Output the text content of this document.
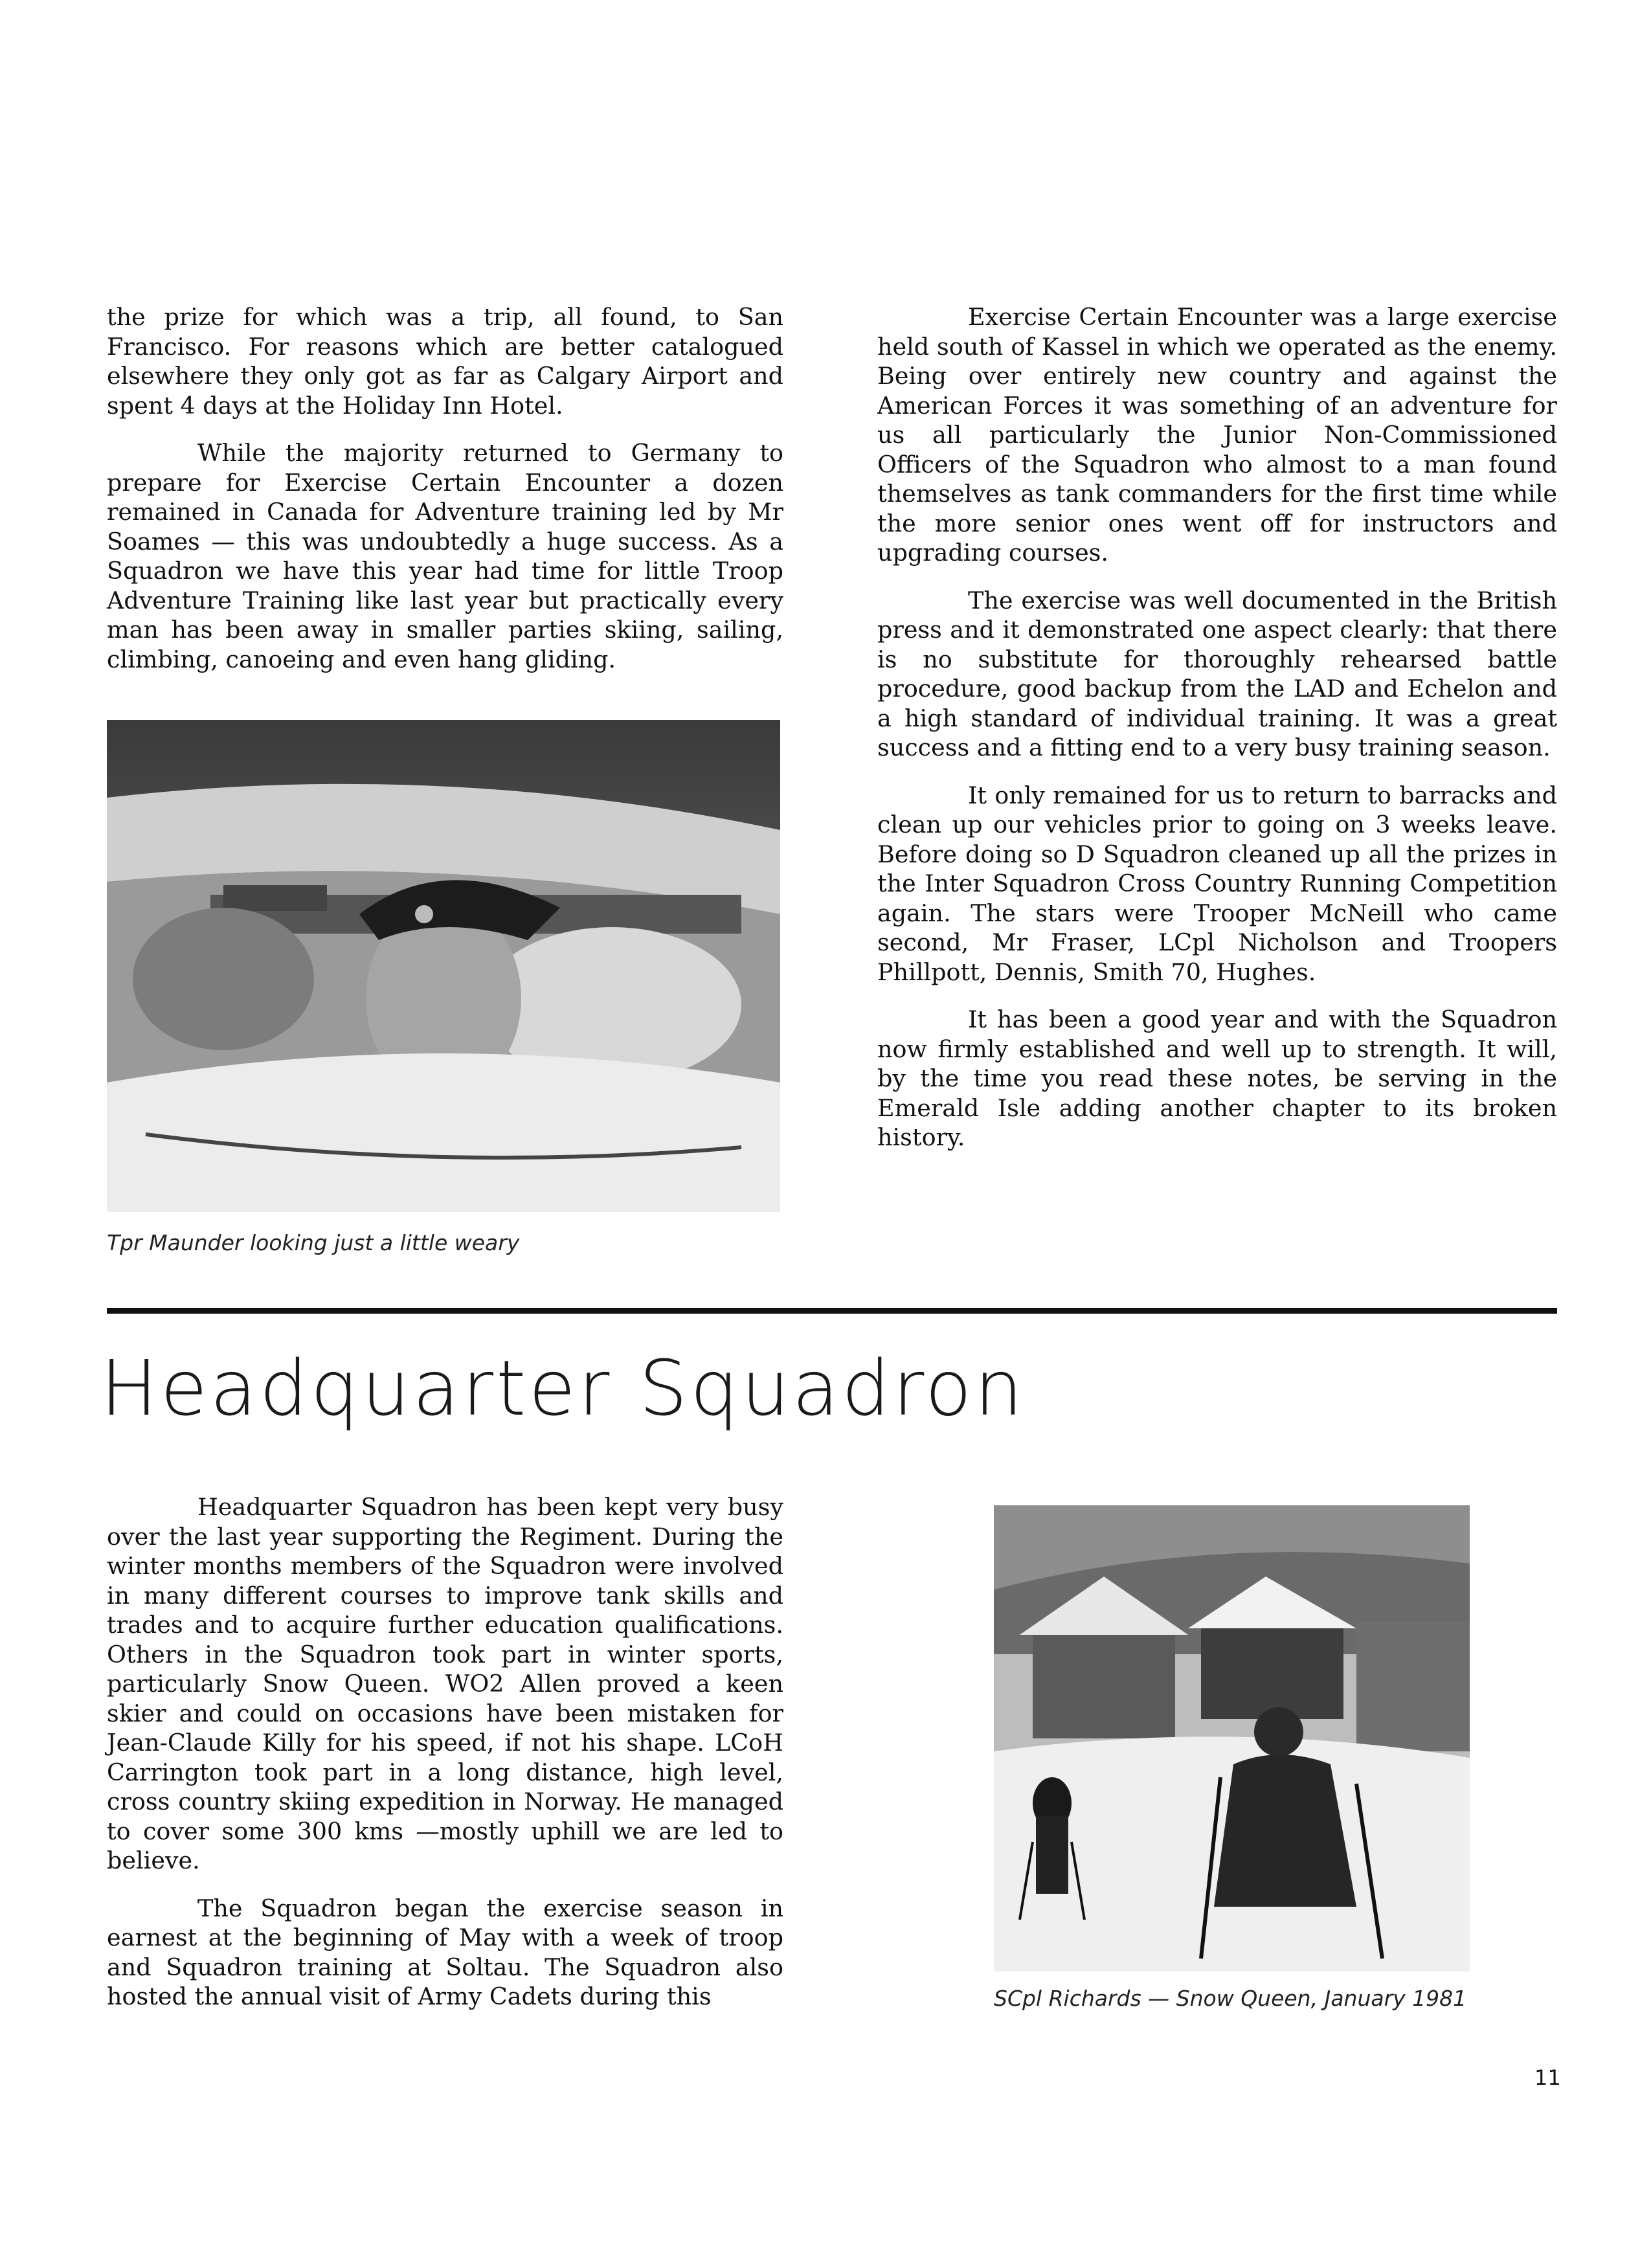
the prize for which was a trip, all found, to San Francisco. For reasons which are better catalogued elsewhere they only got as far as Calgary Airport and spent 4 days at the Holiday Inn Hotel.

While the majority returned to Germany to prepare for Exercise Certain Encounter a dozen remained in Canada for Adventure training led by Mr Soames — this was undoubtedly a huge success. As a Squadron we have this year had time for little Troop Adventure Training like last year but practically every man has been away in smaller parties skiing, sailing, climbing, canoeing and even hang gliding.

Tpr Maunder looking just a little weary

Exercise Certain Encounter was a large exercise held south of Kassel in which we operated as the enemy. Being over entirely new country and against the American Forces it was something of an adventure for us all particularly the Junior Non-Commissioned Officers of the Squadron who almost to a man found themselves as tank commanders for the first time while the more senior ones went off for instructors and upgrading courses.

The exercise was well documented in the British press and it demonstrated one aspect clearly: that there is no substitute for thoroughly rehearsed battle procedure, good backup from the LAD and Echelon and a high standard of individual training. It was a great success and a fitting end to a very busy training season.

It only remained for us to return to barracks and clean up our vehicles prior to going on 3 weeks leave. Before doing so D Squadron cleaned up all the prizes in the Inter Squadron Cross Country Running Competition again. The stars were Trooper McNeill who came second, Mr Fraser, LCpl Nicholson and Troopers Phillpott, Dennis, Smith 70, Hughes.

It has been a good year and with the Squadron now firmly established and well up to strength. It will, by the time you read these notes, be serving in the Emerald Isle adding another chapter to its broken history.

Headquarter Squadron

Headquarter Squadron has been kept very busy over the last year supporting the Regiment. During the winter months members of the Squadron were involved in many different courses to improve tank skills and trades and to acquire further education qualifications. Others in the Squadron took part in winter sports, particularly Snow Queen. WO2 Allen proved a keen skier and could on occasions have been mistaken for Jean-Claude Killy for his speed, if not his shape. LCoH Carrington took part in a long distance, high level, cross country skiing expedition in Norway. He managed to cover some 300 kms —mostly uphill we are led to believe.

The Squadron began the exercise season in earnest at the beginning of May with a week of troop and Squadron training at Soltau. The Squadron also hosted the annual visit of Army Cadets during this	SCpl Richards — Snow Queen, January 1981
11
